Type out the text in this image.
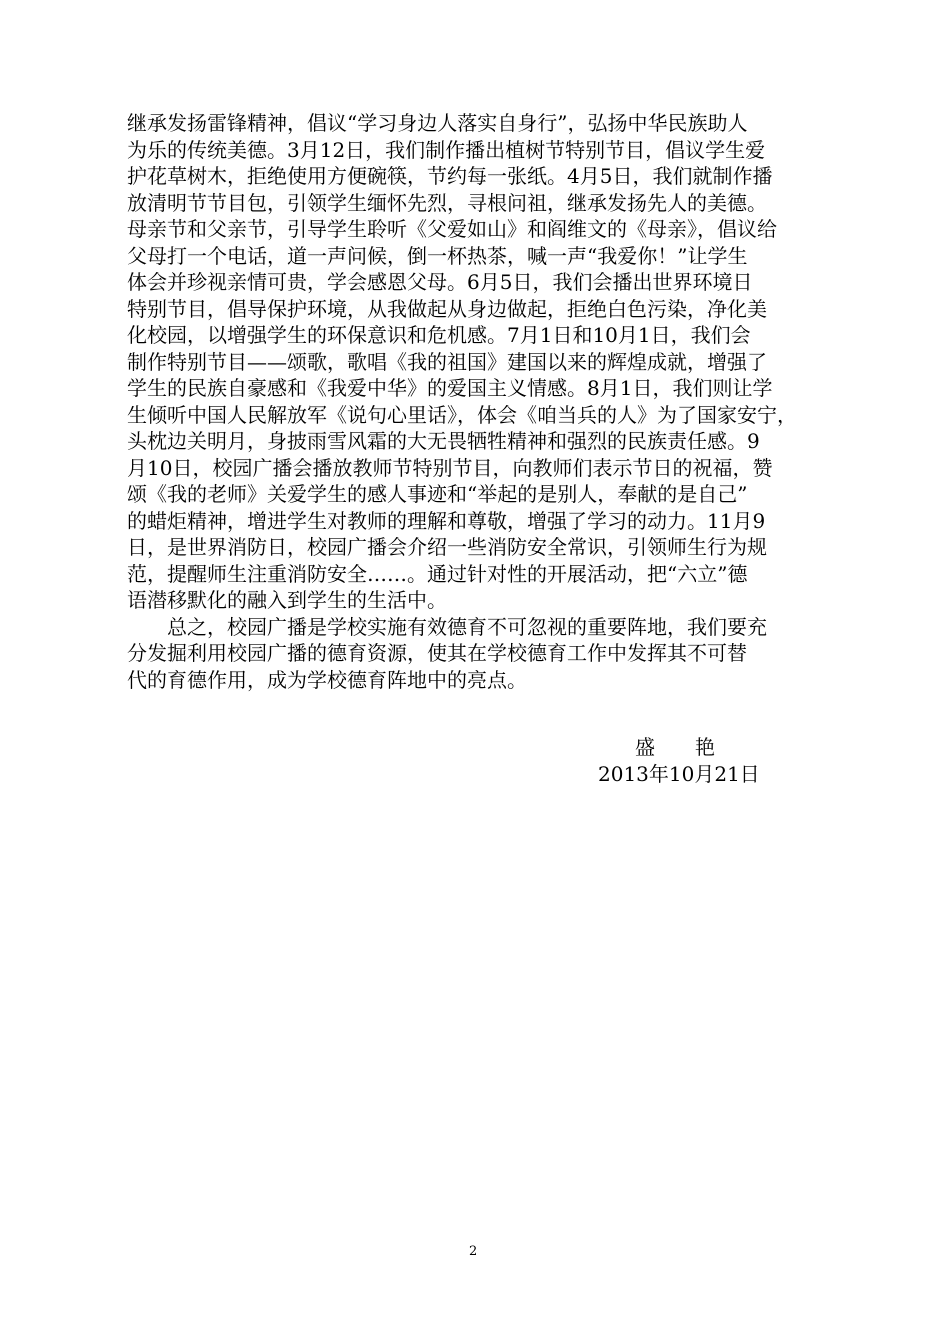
继承发扬雷锋精神，倡议“学习身边人落实自身行”，弘扬中华民族助人
为乐的传统美德。3月12日，我们制作播出植树节特别节目，倡议学生爱
护花草树木，拒绝使用方便碗筷，节约每一张纸。4月5日，我们就制作播
放清明节节目包，引领学生缅怀先烈，寻根问祖，继承发扬先人的美德。
母亲节和父亲节，引导学生聆听《父爱如山》和阎维文的《母亲》，倡议给
父母打一个电话，道一声问候，倒一杯热茶，喊一声“我爱你！”让学生
体会并珍视亲情可贵，学会感恩父母。6月5日，我们会播出世界环境日
特别节目，倡导保护环境，从我做起从身边做起，拒绝白色污染，净化美
化校园，以增强学生的环保意识和危机感。7月1日和10月1日，我们会
制作特别节目——颂歌，歌唱《我的祖国》建国以来的辉煌成就，增强了
学生的民族自豪感和《我爱中华》的爱国主义情感。8月1日，我们则让学
生倾听中国人民解放军《说句心里话》，体会《咱当兵的人》为了国家安宁，
头枕边关明月，身披雨雪风霜的大无畏牺牲精神和强烈的民族责任感。9
月10日，校园广播会播放教师节特别节目，向教师们表示节日的祝福，赞
颂《我的老师》关爱学生的感人事迹和“举起的是别人，奉献的是自己”
的蜡炬精神，增进学生对教师的理解和尊敬，增强了学习的动力。11月9
日，是世界消防日，校园广播会介绍一些消防安全常识，引领师生行为规
范，提醒师生注重消防安全……。通过针对性的开展活动，把“六立”德
语潜移默化的融入到学生的生活中。
　　总之，校园广播是学校实施有效德育不可忽视的重要阵地，我们要充
分发掘利用校园广播的德育资源，使其在学校德育工作中发挥其不可替
代的育德作用，成为学校德育阵地中的亮点。
盛　　艳
2013年10月21日
2
